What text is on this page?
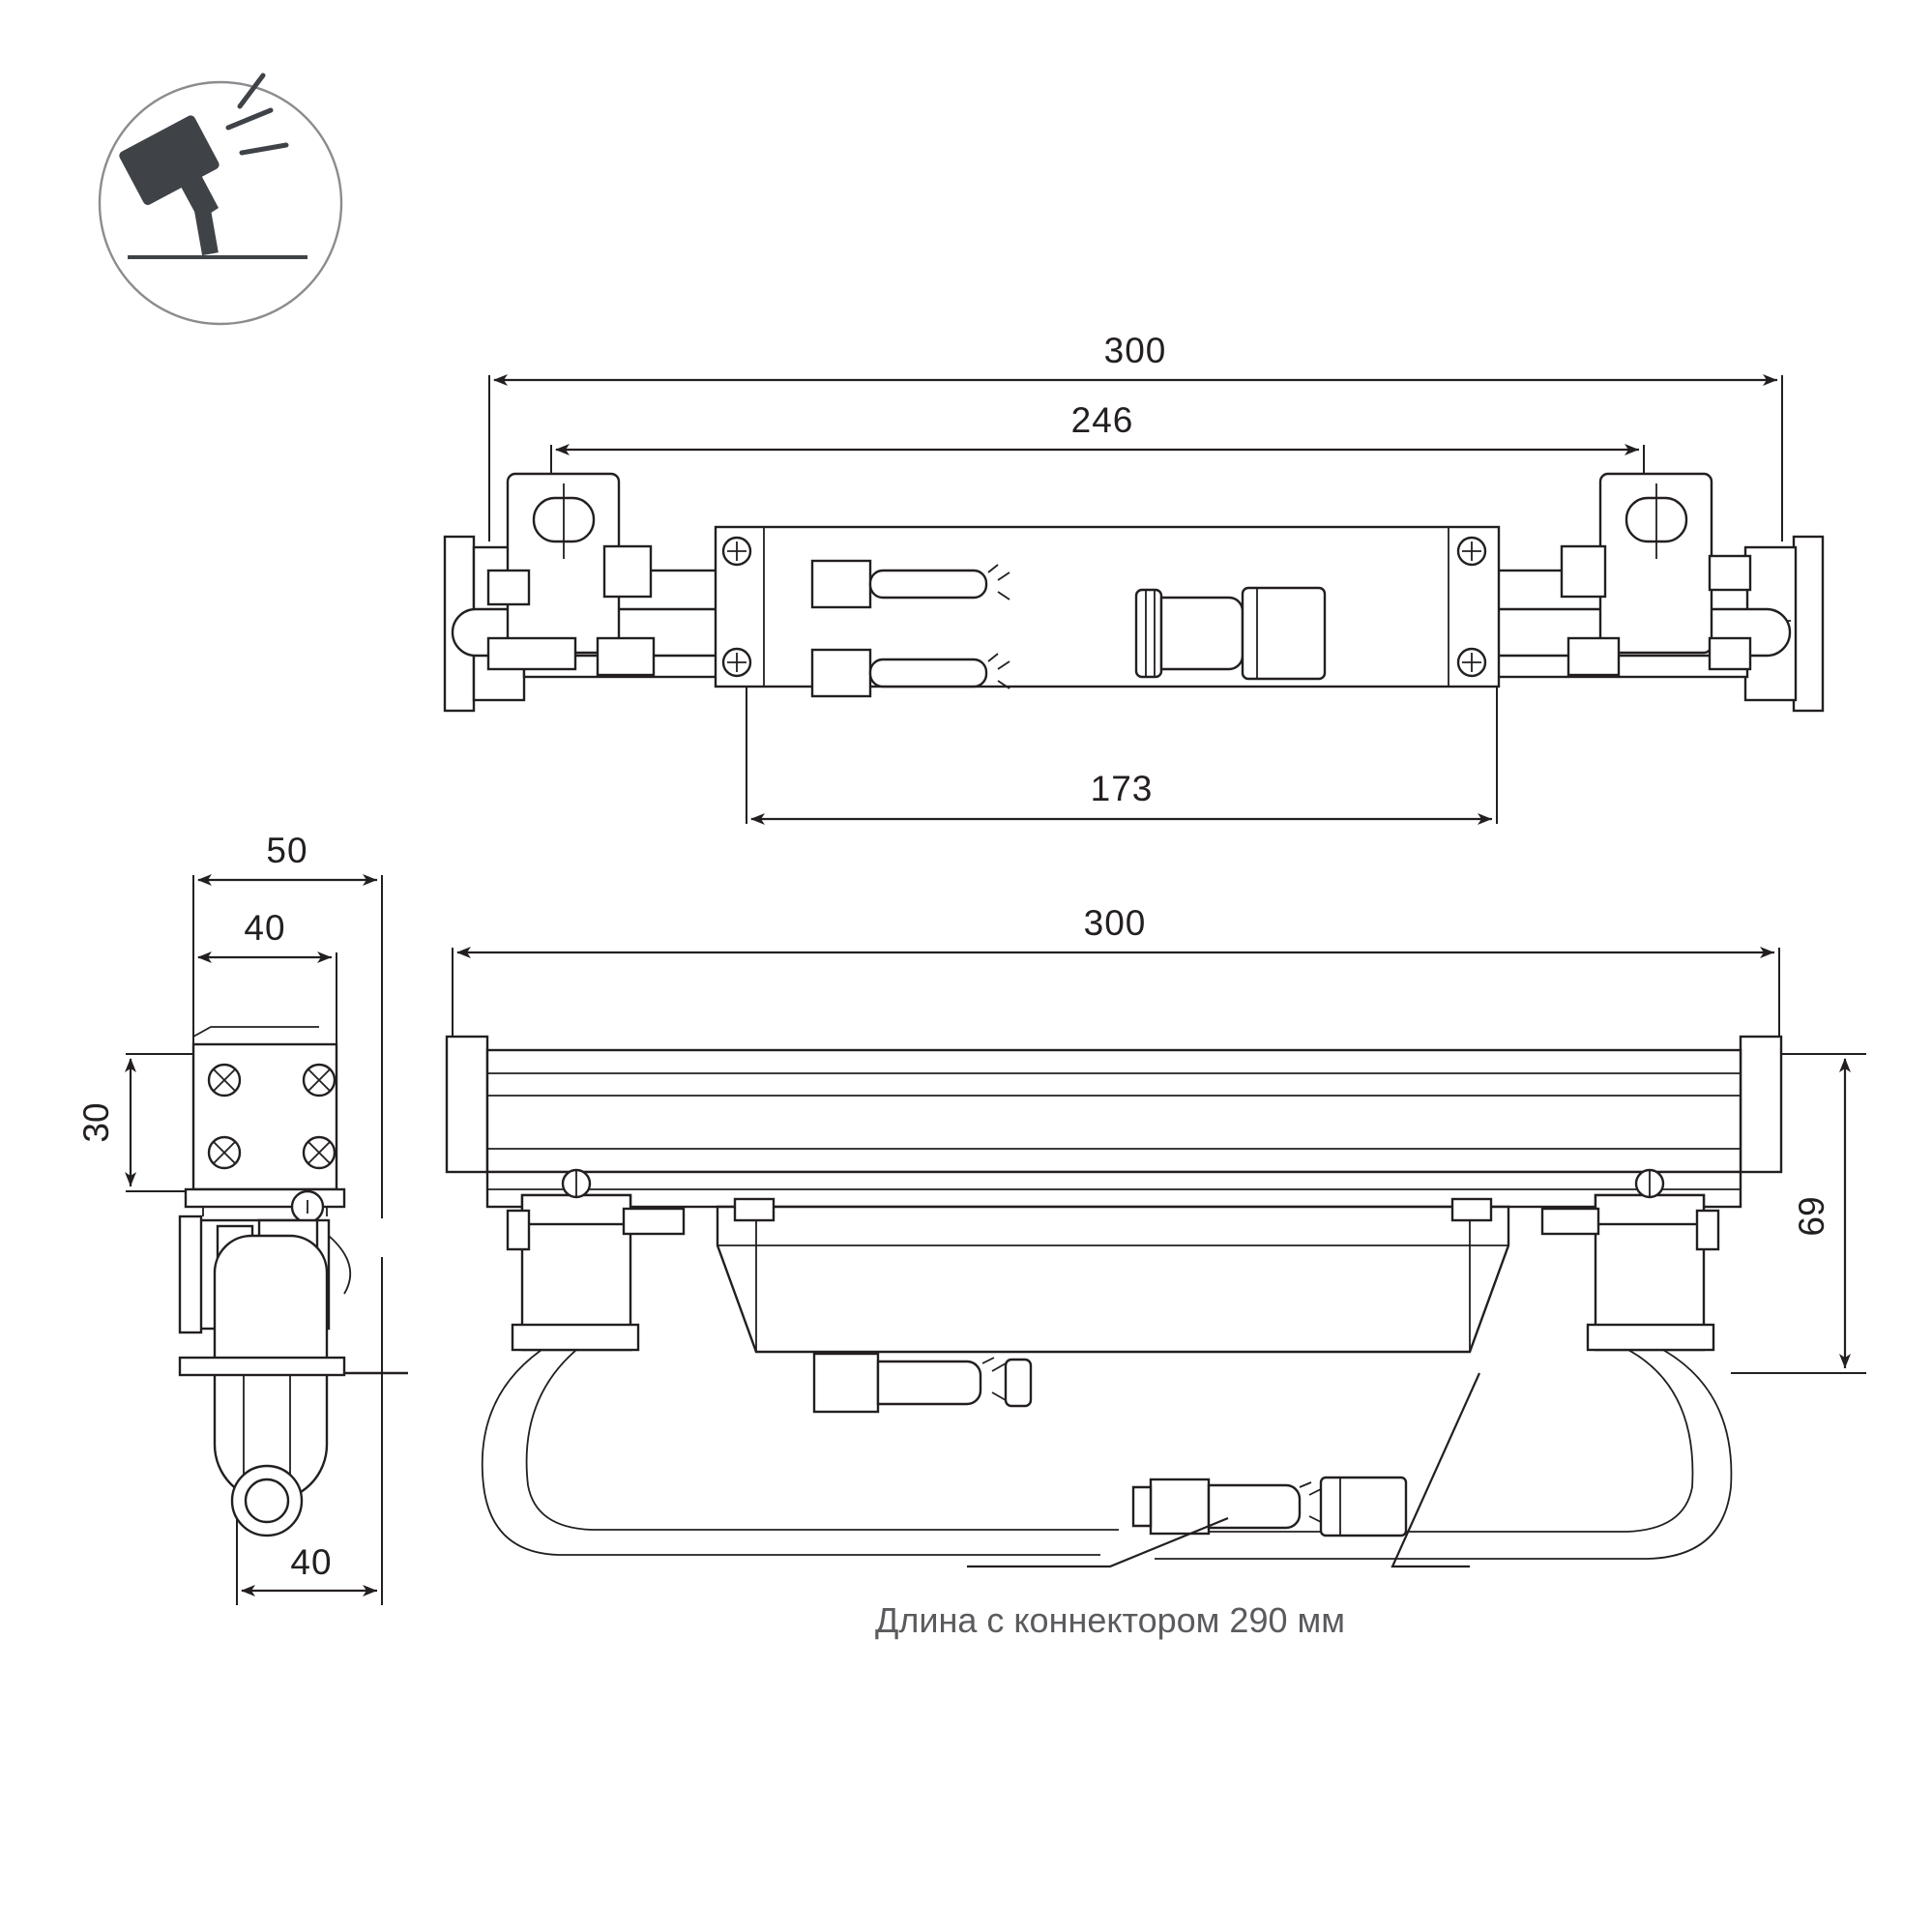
300
246
173
50
40
30
40
300
69
Длина с коннектором 290 мм
